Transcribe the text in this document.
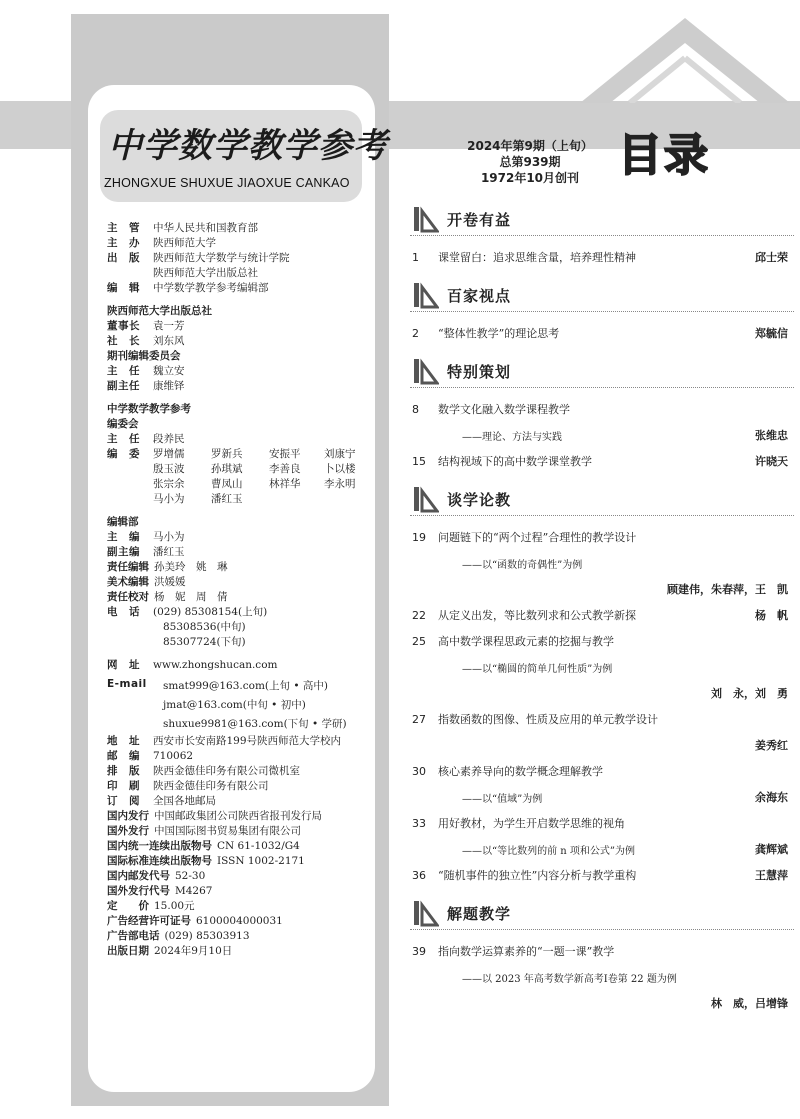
中学数学教学参考
ZHONGXUE SHUXUE JIAOXUE CANKAO
2024年第9期（上旬）
总第939期
1972年10月创刊 目录
主　管	中华人民共和国教育部
主　办	陕西师范大学
出　版	陕西师范大学数学与统计学院
陕西师范大学出版总社
编　辑	中学数学教学参考编辑部
陕西师范大学出版总社
董事长	袁一芳
社　长	刘东风
期刊编辑委员会
主　任	魏立安
副主任	康维铎
中学数学教学参考
编委会
主　任	段养民
编　委	罗增儒	罗新兵	安振平	刘康宁
殷玉波	孙琪斌	李善良	卜以楼
张宗余	曹凤山	林祥华	李永明
马小为	潘红玉
编辑部
主　编	马小为
副主编	潘红玉
责任编辑 孙美玲　姚　琳
美术编辑 洪媛媛
责任校对 杨　妮　周　倩
电　话	(029) 85308154(上旬)
85308536(中旬)
85307724(下旬)
网　址	www.zhongshucan.com
E-mail	smat999@163.com(上旬 • 高中)
jmat@163.com(中旬 • 初中)
shuxue9981@163.com(下旬 • 学研)
地　址	西安市长安南路199号陕西师范大学校内
邮　编	710062
排　版	陕西金德佳印务有限公司微机室
印　刷	陕西金德佳印务有限公司
订　阅	全国各地邮局
国内发行 中国邮政集团公司陕西省报刊发行局
国外发行 中国国际图书贸易集团有限公司
国内统一连续出版物号 CN 61-1032/G4
国际标准连续出版物号 ISSN 1002-2171
国内邮发代号 52-30
国外发行代号 M4267
定　　价 15.00元
广告经营许可证号 6100004000031
广告部电话 (029) 85303913
出版日期 2024年9月10日
开卷有益
1	课堂留白：追求思维含量，培养理性精神	邱士荣
百家视点
2	“整体性教学”的理论思考	郑毓信
特别策划
8	数学文化融入数学课程教学
——理论、方法与实践	张维忠
15	结构视域下的高中数学课堂教学	许晓天
谈学论教
19	问题链下的“两个过程”合理性的教学设计
——以“函数的奇偶性”为例
顾建伟，朱春萍，王　凯
22	从定义出发，等比数列求和公式教学新探	杨　帆
25	高中数学课程思政元素的挖掘与教学
——以“椭圆的简单几何性质”为例
刘　永，刘　勇
27	指数函数的图像、性质及应用的单元教学设计
姜秀红
30	核心素养导向的数学概念理解教学
——以“值域”为例	余海东
33	用好教材，为学生开启数学思维的视角
——以“等比数列的前 n 项和公式”为例	龚辉斌
36	“随机事件的独立性”内容分析与教学重构	王慧萍
解题教学
39	指向数学运算素养的“一题一课”教学
——以 2023 年高考数学新高考Ⅰ卷第 22 题为例
林　威，吕增锋
